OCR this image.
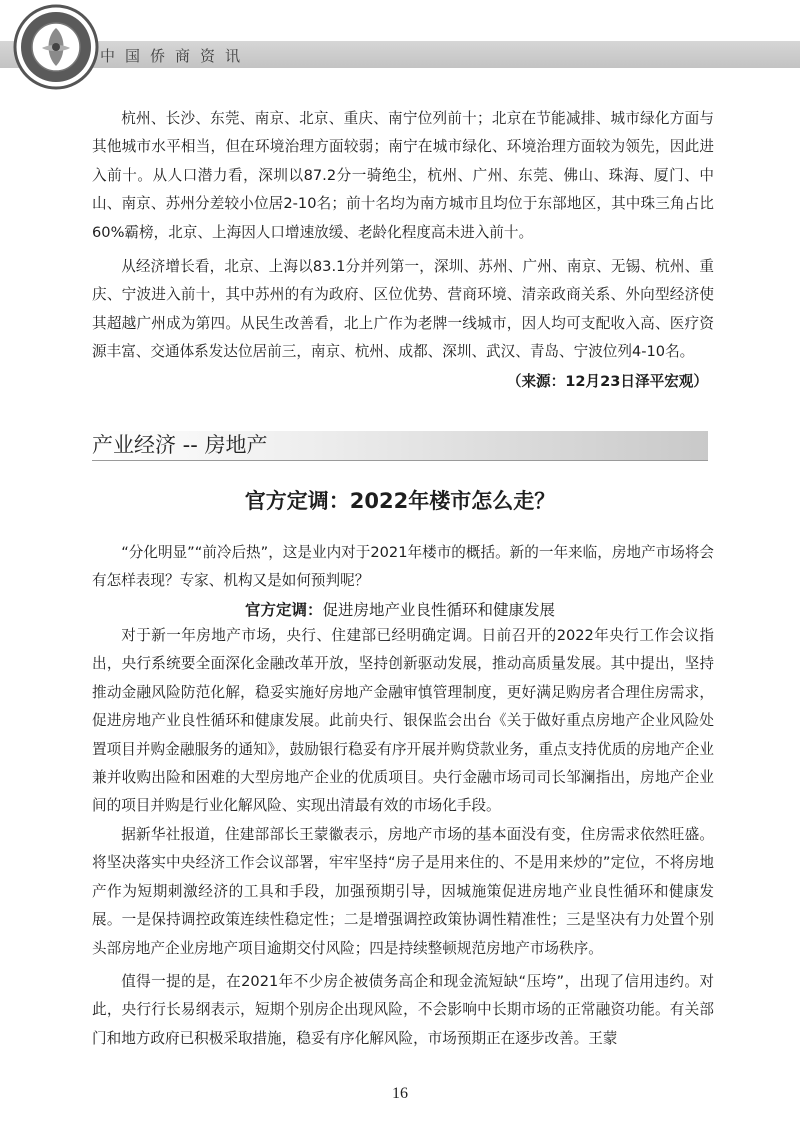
中国侨商资讯

杭州、长沙、东莞、南京、北京、重庆、南宁位列前十；北京在节能减排、城市绿化方面与其他城市水平相当，但在环境治理方面较弱；南宁在城市绿化、环境治理方面较为领先，因此进入前十。从人口潜力看，深圳以87.2分一骑绝尘，杭州、广州、东莞、佛山、珠海、厦门、中山、南京、苏州分差较小位居2-10名；前十名均为南方城市且均位于东部地区，其中珠三角占比60%霸榜，北京、上海因人口增速放缓、老龄化程度高未进入前十。

从经济增长看，北京、上海以83.1分并列第一，深圳、苏州、广州、南京、无锡、杭州、重庆、宁波进入前十，其中苏州的有为政府、区位优势、营商环境、清亲政商关系、外向型经济使其超越广州成为第四。从民生改善看，北上广作为老牌一线城市，因人均可支配收入高、医疗资源丰富、交通体系发达位居前三，南京、杭州、成都、深圳、武汉、青岛、宁波位列4-10名。

（来源：12月23日泽平宏观）
产业经济 -- 房地产
官方定调：2022年楼市怎么走？

“分化明显”“前冷后热”，这是业内对于2021年楼市的概括。新的一年来临，房地产市场将会有怎样表现？专家、机构又是如何预判呢？

官方定调：促进房地产业良性循环和健康发展

对于新一年房地产市场，央行、住建部已经明确定调。日前召开的2022年央行工作会议指出，央行系统要全面深化金融改革开放，坚持创新驱动发展，推动高质量发展。其中提出，坚持推动金融风险防范化解，稳妥实施好房地产金融审慎管理制度，更好满足购房者合理住房需求，促进房地产业良性循环和健康发展。此前央行、银保监会出台《关于做好重点房地产企业风险处置项目并购金融服务的通知》，鼓励银行稳妥有序开展并购贷款业务，重点支持优质的房地产企业兼并收购出险和困难的大型房地产企业的优质项目。央行金融市场司司长邹澜指出，房地产企业间的项目并购是行业化解风险、实现出清最有效的市场化手段。

据新华社报道，住建部部长王蒙徽表示，房地产市场的基本面没有变，住房需求依然旺盛。将坚决落实中央经济工作会议部署，牢牢坚持“房子是用来住的、不是用来炒的”定位，不将房地产作为短期刺激经济的工具和手段，加强预期引导，因城施策促进房地产业良性循环和健康发展。一是保持调控政策连续性稳定性；二是增强调控政策协调性精准性；三是坚决有力处置个别头部房地产企业房地产项目逾期交付风险；四是持续整顿规范房地产市场秩序。

值得一提的是，在2021年不少房企被债务高企和现金流短缺“压垮”，出现了信用违约。对此，央行行长易纲表示，短期个别房企出现风险，不会影响中长期市场的正常融资功能。有关部门和地方政府已积极采取措施，稳妥有序化解风险，市场预期正在逐步改善。王蒙

16
